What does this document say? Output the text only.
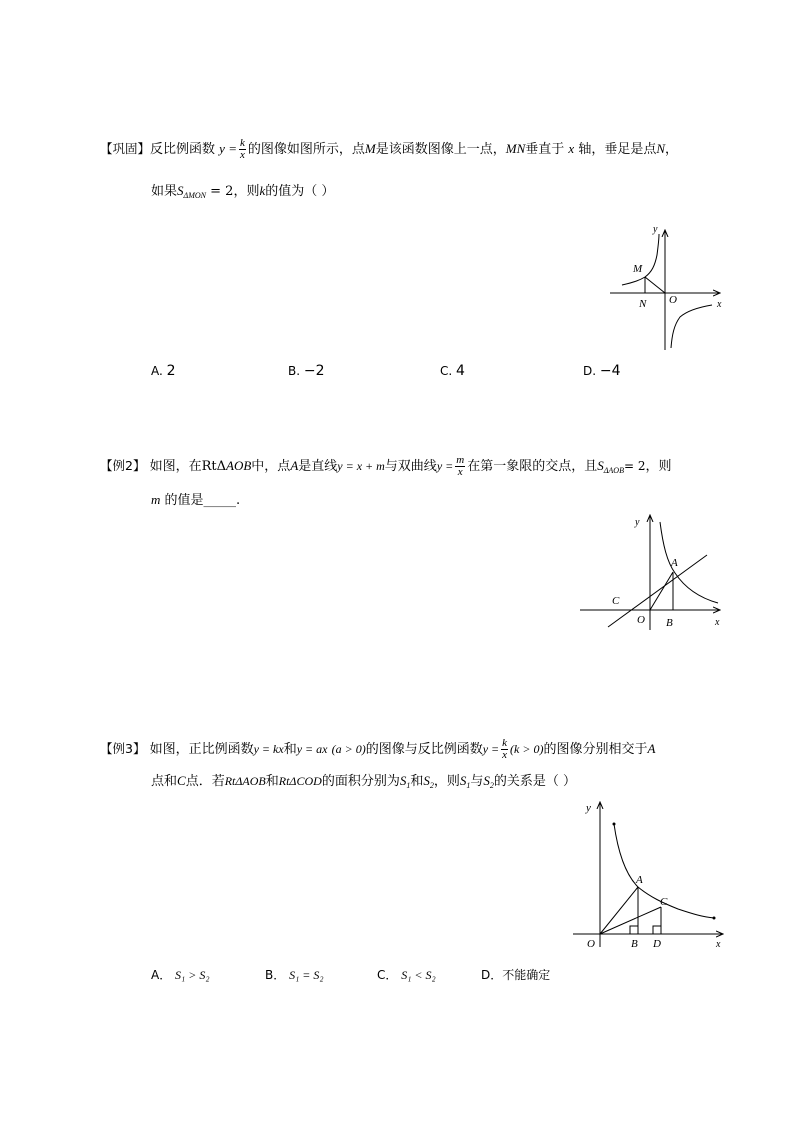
【巩固】反比例函数 $y = \frac{k}{x}$ 的图像如图所示，点M是该函数图像上一点，MN垂直于 x 轴，垂足是点N，
如果$S_{\Delta MON} = 2$，则k的值为（ ）
y
x
M
N O
A. 2	B. −2	C. 4	D. −4
【例2】 如图，在RtΔAOB中，点A是直线y = x + m与双曲线$y = \frac{m}{x}$ 在第一象限的交点，且$S_{\Delta AOB}= 2$，则
m 的值是_____.
y
x
A
B
C
O
【例3】 如图，正比例函数y = kx和y = ax (a > 0)的图像与反比例函数$y = \frac{k}{x} (k > 0)$的图像分别相交于A
点和C点．若RtΔAOB和RtΔCOD的面积分别为$S_1$和$S_2$，则$S_1$与$S_2$的关系是（ ）
y
x
A
B
C
D
O
A． S₁ > S₂	B． S₁ = S₂	C． S₁ < S₂	D．不能确定
